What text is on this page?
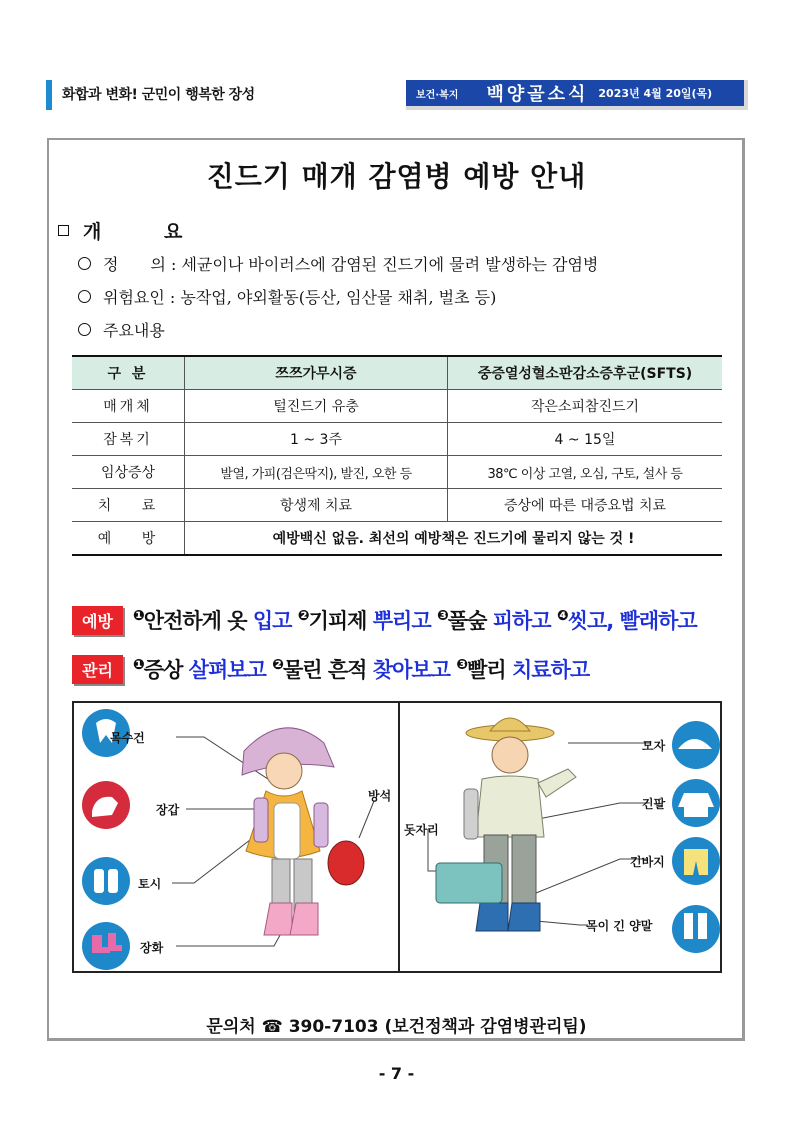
화합과 변화! 군민이 행복한 장성	보건·복지 백양골소식 2023년 4월 20일(목)
진드기 매개 감염병 예방 안내
개 요
정　　의 : 세균이나 바이러스에 감염된 진드기에 물려 발생하는 감염병
위험요인 : 농작업, 야외활동(등산, 임산물 채취, 벌초 등)
주요내용
구 분	쯔쯔가무시증	중증열성혈소판감소증후군(SFTS)
매개체	털진드기 유충	작은소피참진드기
잠복기	1 ~ 3주	4 ~ 15일
임상증상	발열, 가피(검은딱지), 발진, 오한 등	38℃ 이상 고열, 오심, 구토, 설사 등
치 료	항생제 치료	증상에 따른 대증요법 치료
예 방	예방백신 없음. 최선의 예방책은 진드기에 물리지 않는 것 !	
예방	$^❶$안전하게 옷 입고
$^❷$기피제 뿌리고
$^❸$풀숲 피하고
$^❹$씻고, 빨래하고
관리	$^❶$증상 살펴보고
$^❷$물린 흔적 찾아보고
$^❸$빨리 치료하고
목수건
장갑
토시
장화
방석
돗자리
모자
긴팔
긴바지
목이 긴 양말
문의처 ☎ 390-7103 (보건정책과 감염병관리팀)
- 7 -
